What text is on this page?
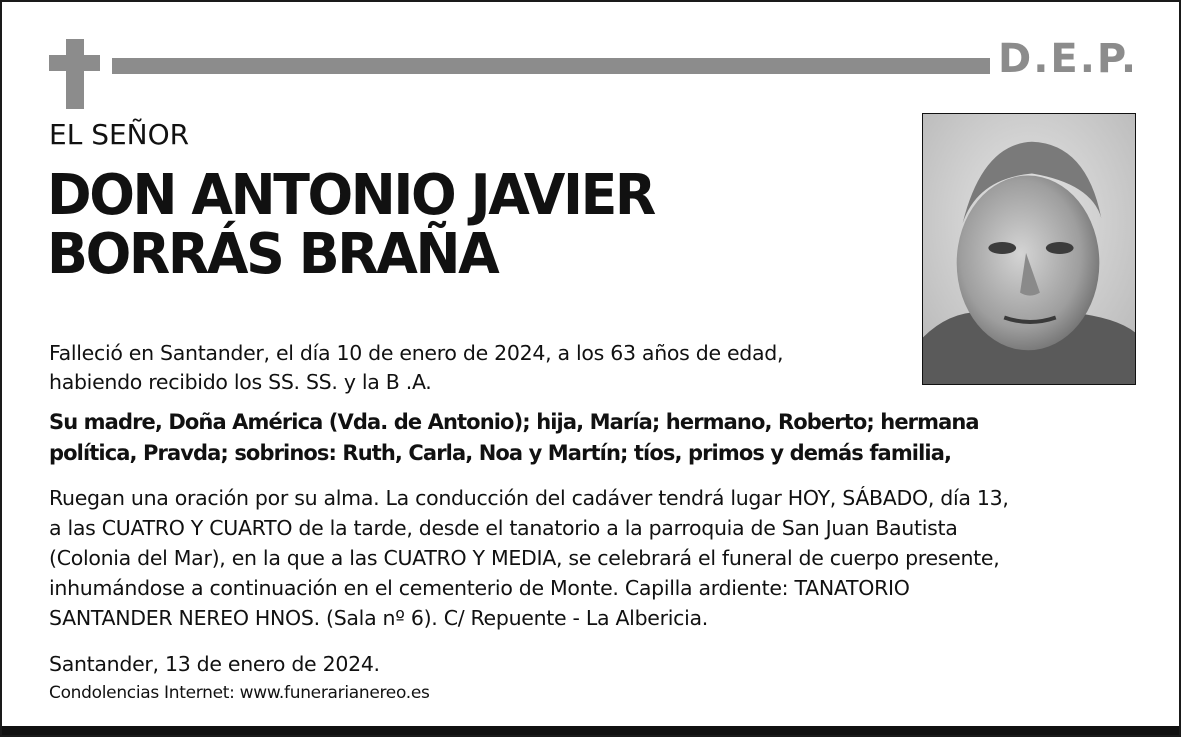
D.E.P.
EL SEÑOR
DON ANTONIO JAVIER
BORRÁS BRAÑA

Falleció en Santander, el día 10 de enero de 2024, a los 63 años de edad,
habiendo recibido los SS. SS. y la B .A.

Su madre, Doña América (Vda. de Antonio); hija, María; hermano, Roberto; hermana
política, Pravda; sobrinos: Ruth, Carla, Noa y Martín; tíos, primos y demás familia,

Ruegan una oración por su alma. La conducción del cadáver tendrá lugar HOY, SÁBADO, día 13,
a las CUATRO Y CUARTO de la tarde, desde el tanatorio a la parroquia de San Juan Bautista
(Colonia del Mar), en la que a las CUATRO Y MEDIA, se celebrará el funeral de cuerpo presente,
inhumándose a continuación en el cementerio de Monte. Capilla ardiente: TANATORIO
SANTANDER NEREO HNOS. (Sala nº 6). C/ Repuente - La Albericia.

Santander, 13 de enero de 2024.

Condolencias Internet: www.funerarianereo.es
